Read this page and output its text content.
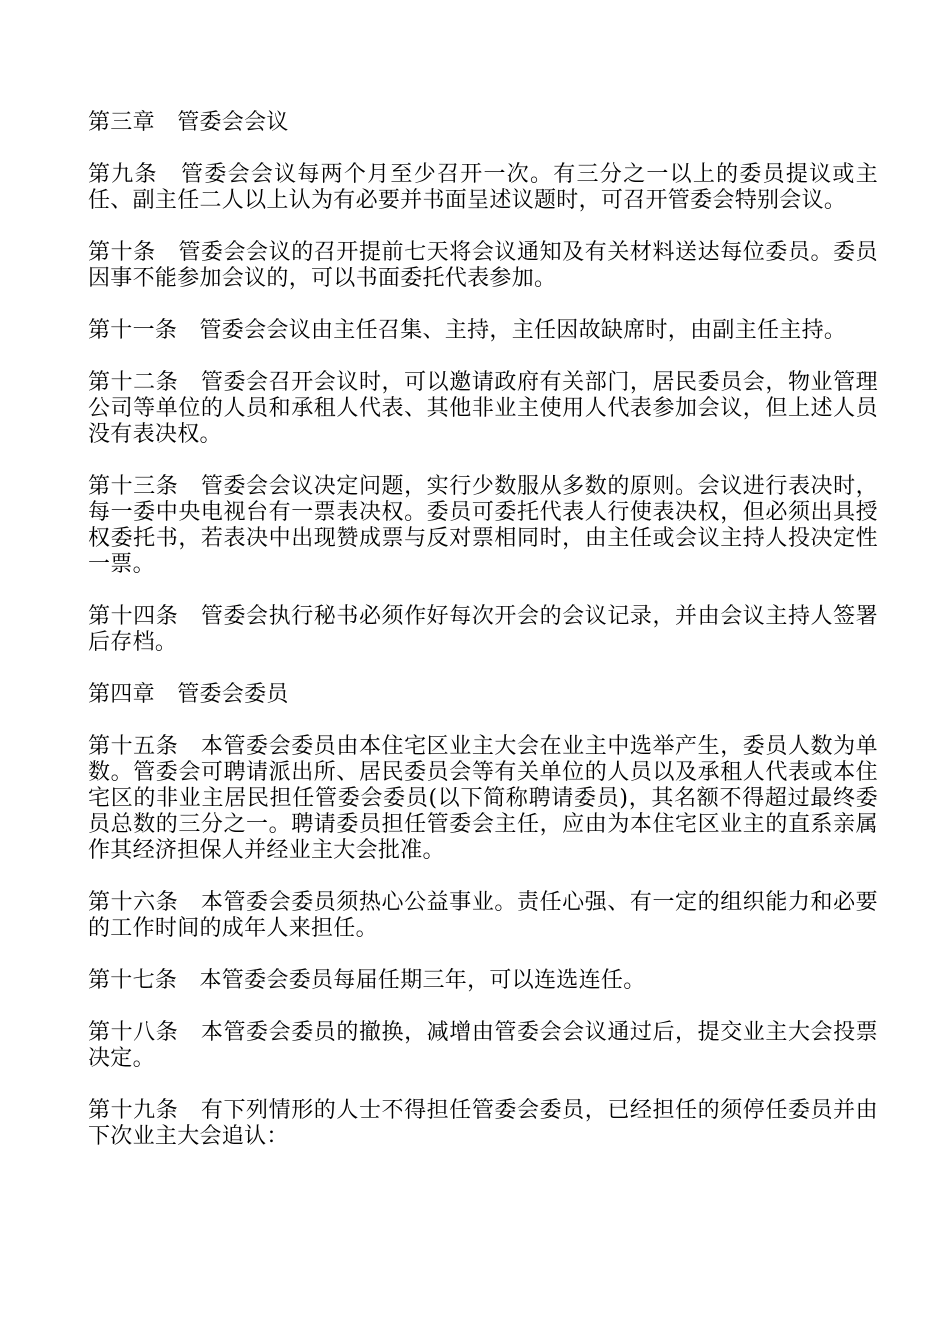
第三章　管委会会议

第九条　管委会会议每两个月至少召开一次。有三分之一以上的委员提议或主任、副主任二人以上认为有必要并书面呈述议题时，可召开管委会特别会议。

第十条　管委会会议的召开提前七天将会议通知及有关材料送达每位委员。委员因事不能参加会议的，可以书面委托代表参加。

第十一条　管委会会议由主任召集、主持，主任因故缺席时，由副主任主持。

第十二条　管委会召开会议时，可以邀请政府有关部门，居民委员会，物业管理公司等单位的人员和承租人代表、其他非业主使用人代表参加会议，但上述人员没有表决权。

第十三条　管委会会议决定问题，实行少数服从多数的原则。会议进行表决时，每一委中央电视台有一票表决权。委员可委托代表人行使表决权，但必须出具授权委托书，若表决中出现赞成票与反对票相同时，由主任或会议主持人投决定性一票。

第十四条　管委会执行秘书必须作好每次开会的会议记录，并由会议主持人签署后存档。

第四章　管委会委员

第十五条　本管委会委员由本住宅区业主大会在业主中选举产生，委员人数为单数。管委会可聘请派出所、居民委员会等有关单位的人员以及承租人代表或本住宅区的非业主居民担任管委会委员(以下简称聘请委员)，其名额不得超过最终委员总数的三分之一。聘请委员担任管委会主任，应由为本住宅区业主的直系亲属作其经济担保人并经业主大会批准。

第十六条　本管委会委员须热心公益事业。责任心强、有一定的组织能力和必要的工作时间的成年人来担任。

第十七条　本管委会委员每届任期三年，可以连选连任。

第十八条　本管委会委员的撤换，减增由管委会会议通过后，提交业主大会投票决定。

第十九条　有下列情形的人士不得担任管委会委员，已经担任的须停任委员并由下次业主大会追认：
